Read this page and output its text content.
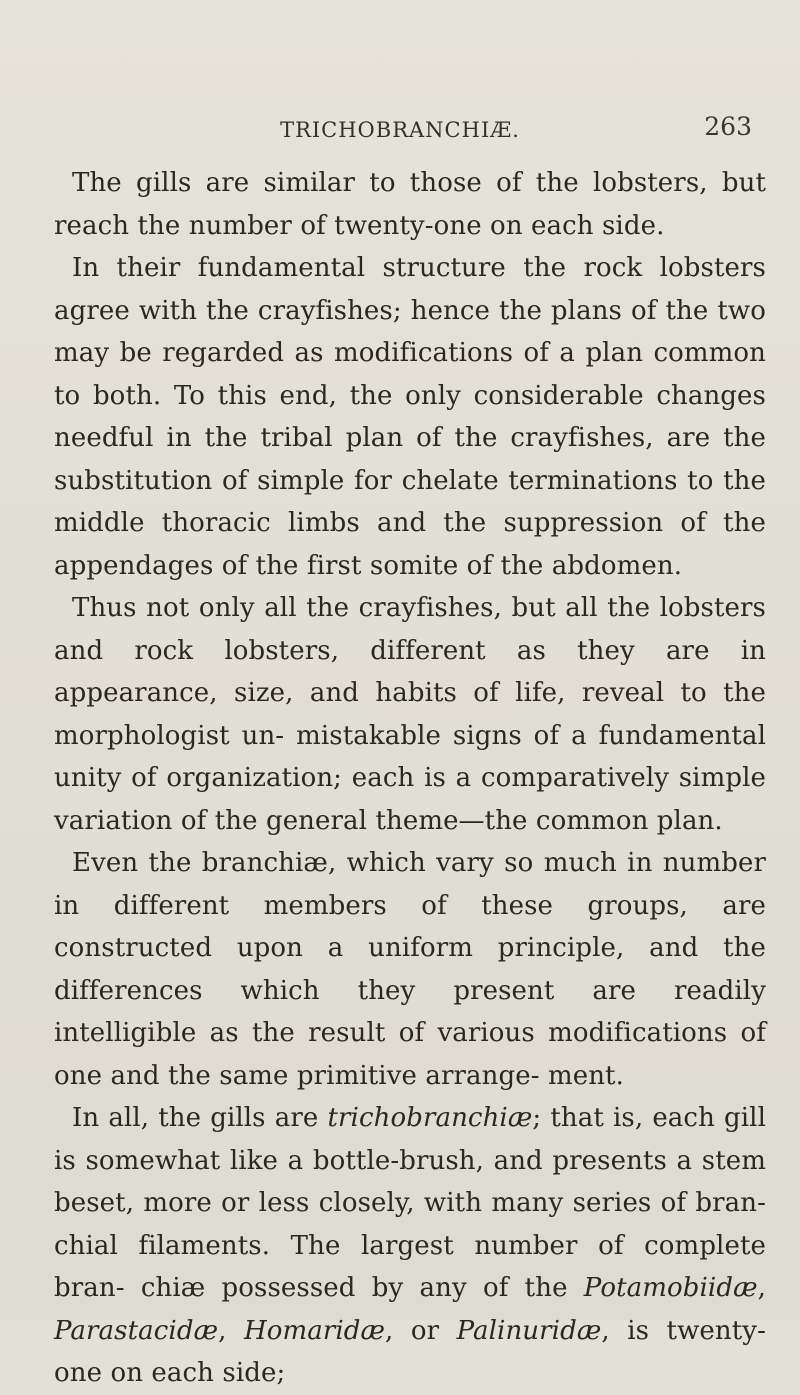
TRICHOBRANCHIÆ.	263

The gills are similar to those of the lobsters, but reach the number of twenty-one on each side.

In their fundamental structure the rock lobsters agree with the crayfishes; hence the plans of the two may be regarded as modifications of a plan common to both. To this end, the only considerable changes needful in the tribal plan of the crayfishes, are the substitution of simple for chelate terminations to the middle thoracic limbs and the suppression of the appendages of the first somite of the abdomen.

Thus not only all the crayfishes, but all the lobsters and rock lobsters, different as they are in appearance, size, and habits of life, reveal to the morphologist un- mistakable signs of a fundamental unity of organization; each is a comparatively simple variation of the general theme—the common plan.

Even the branchiæ, which vary so much in number in different members of these groups, are constructed upon a uniform principle, and the differences which they present are readily intelligible as the result of various modifications of one and the same primitive arrange- ment.

In all, the gills are trichobranchiæ; that is, each gill is somewhat like a bottle-brush, and presents a stem beset, more or less closely, with many series of bran- chial filaments. The largest number of complete bran- chiæ possessed by any of the Potamobiidæ, Parastacidæ, Homaridæ, or Palinuridæ, is twenty-one on each side;
